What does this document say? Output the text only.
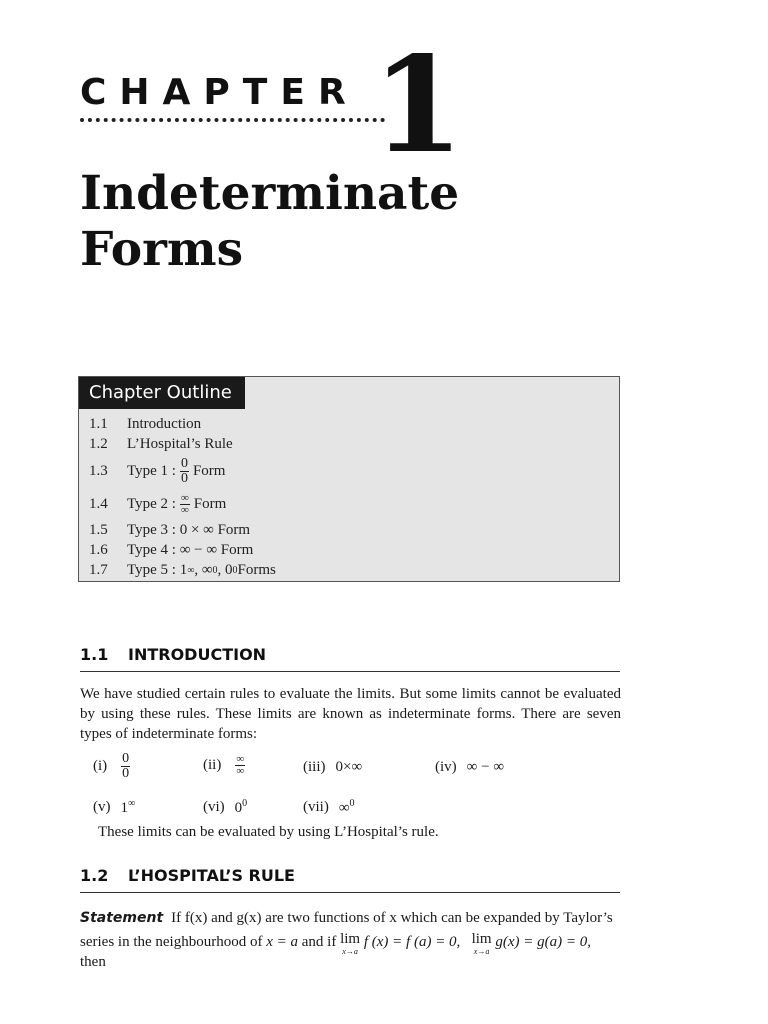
CHAPTER 1
Indeterminate
Forms
Chapter Outline
1.1	Introduction
1.2	L’Hospital’s Rule
1.3	Type 1 : $\frac{0}{0}$ Form
1.4	Type 2 : $\frac{\infty}{\infty}$ Form
1.5	Type 3 : 0 × ∞ Form
1.6	Type 4 : ∞ − ∞ Form
1.7	Type 5 : 1 ∞ , ∞ 0 , 0 0 Forms
1.1 INTRODUCTION
We have studied certain rules to evaluate the limits. But some limits cannot be evaluated by using these rules. These limits are known as indeterminate forms. There are seven types of indeterminate forms:
$(i) \frac{0}{0}$	$(ii) \frac{\infty}{\infty}$	(iii) 0×∞	(iv) ∞ − ∞
(v) 1∞	(vi) $0^0$	(vii) ∞$^0$
These limits can be evaluated by using L’Hospital’s rule.
1.2 L’HOSPITAL’S RULE
Statement If f(x) and g(x) are two functions of x which can be expanded by Taylor’s
series in the neighbourhood of x = a and if lim
x→a
f (x) = f (a) = 0, lim
x→a
g(x) = g(a) = 0,
then
